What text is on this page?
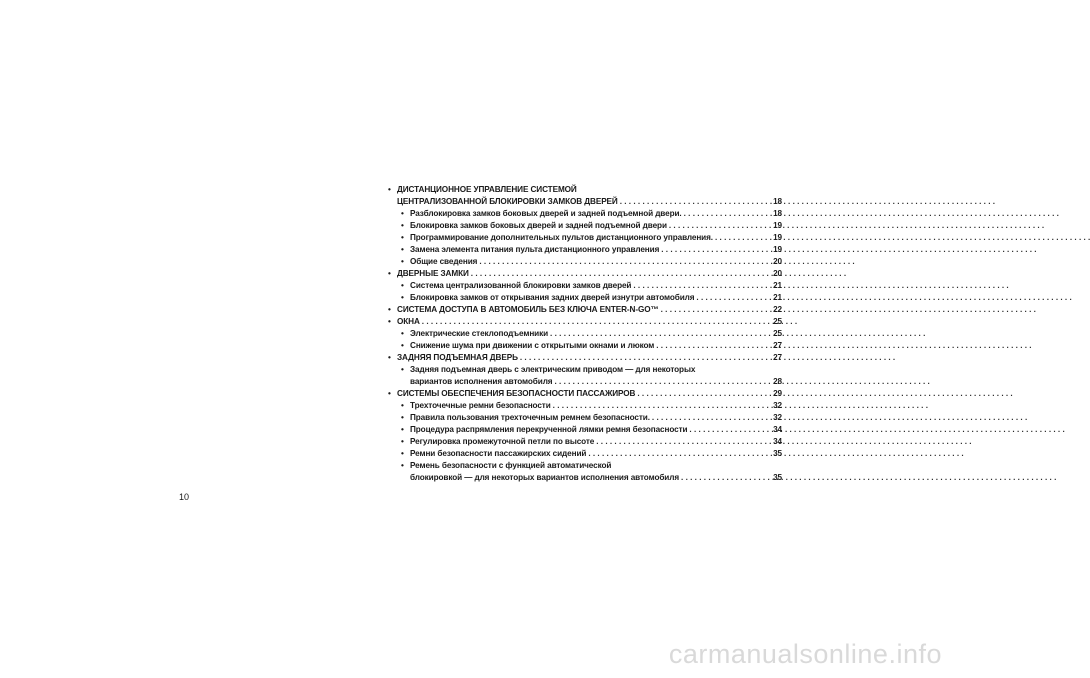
• ДИСТАНЦИОННОЕ УПРАВЛЕНИЕ СИСТЕМОЙ
ЦЕНТРАЛИЗОВАННОЙ БЛОКИРОВКИ ЗАМКОВ ДВЕРЕЙ . . .	18
• Разблокировка замков боковых дверей и задней подъемной двери. . . .	18
• Блокировка замков боковых дверей и задней подъемной двери . . .	19
• Программирование дополнительных пультов дистанционного управления. . . .	19
• Замена элемента питания пульта дистанционного управления . . .	19
• Общие сведения . . .	20
• ДВЕРНЫЕ ЗАМКИ . . .	20
• Система централизованной блокировки замков дверей . . .	21
• Блокировка замков от открывания задних дверей изнутри автомобиля . . .	21
• СИСТЕМА ДОСТУПА В АВТОМОБИЛЬ БЕЗ КЛЮЧА ENTER-N-GO™ . . .	22
• ОКНА . . .	25
• Электрические стеклоподъемники . . .	25
• Снижение шума при движении с открытыми окнами и люком . . .	27
• ЗАДНЯЯ ПОДЪЕМНАЯ ДВЕРЬ . . .	27
• Задняя подъемная дверь с электрическим приводом — для некоторых
вариантов исполнения автомобиля . . .	28
• СИСТЕМЫ ОБЕСПЕЧЕНИЯ БЕЗОПАСНОСТИ ПАССАЖИРОВ . . .	29
• Трехточечные ремни безопасности . . .	32
• Правила пользования трехточечным ремнем безопасности. . . .	32
• Процедура распрямления перекрученной лямки ремня безопасности . . .	34
• Регулировка промежуточной петли по высоте . . .	34
• Ремни безопасности пассажирских сидений . . .	35
• Ремень безопасности с функцией автоматической
блокировкой — для некоторых вариантов исполнения автомобиля . . .	35
10
carmanualsonline.info
